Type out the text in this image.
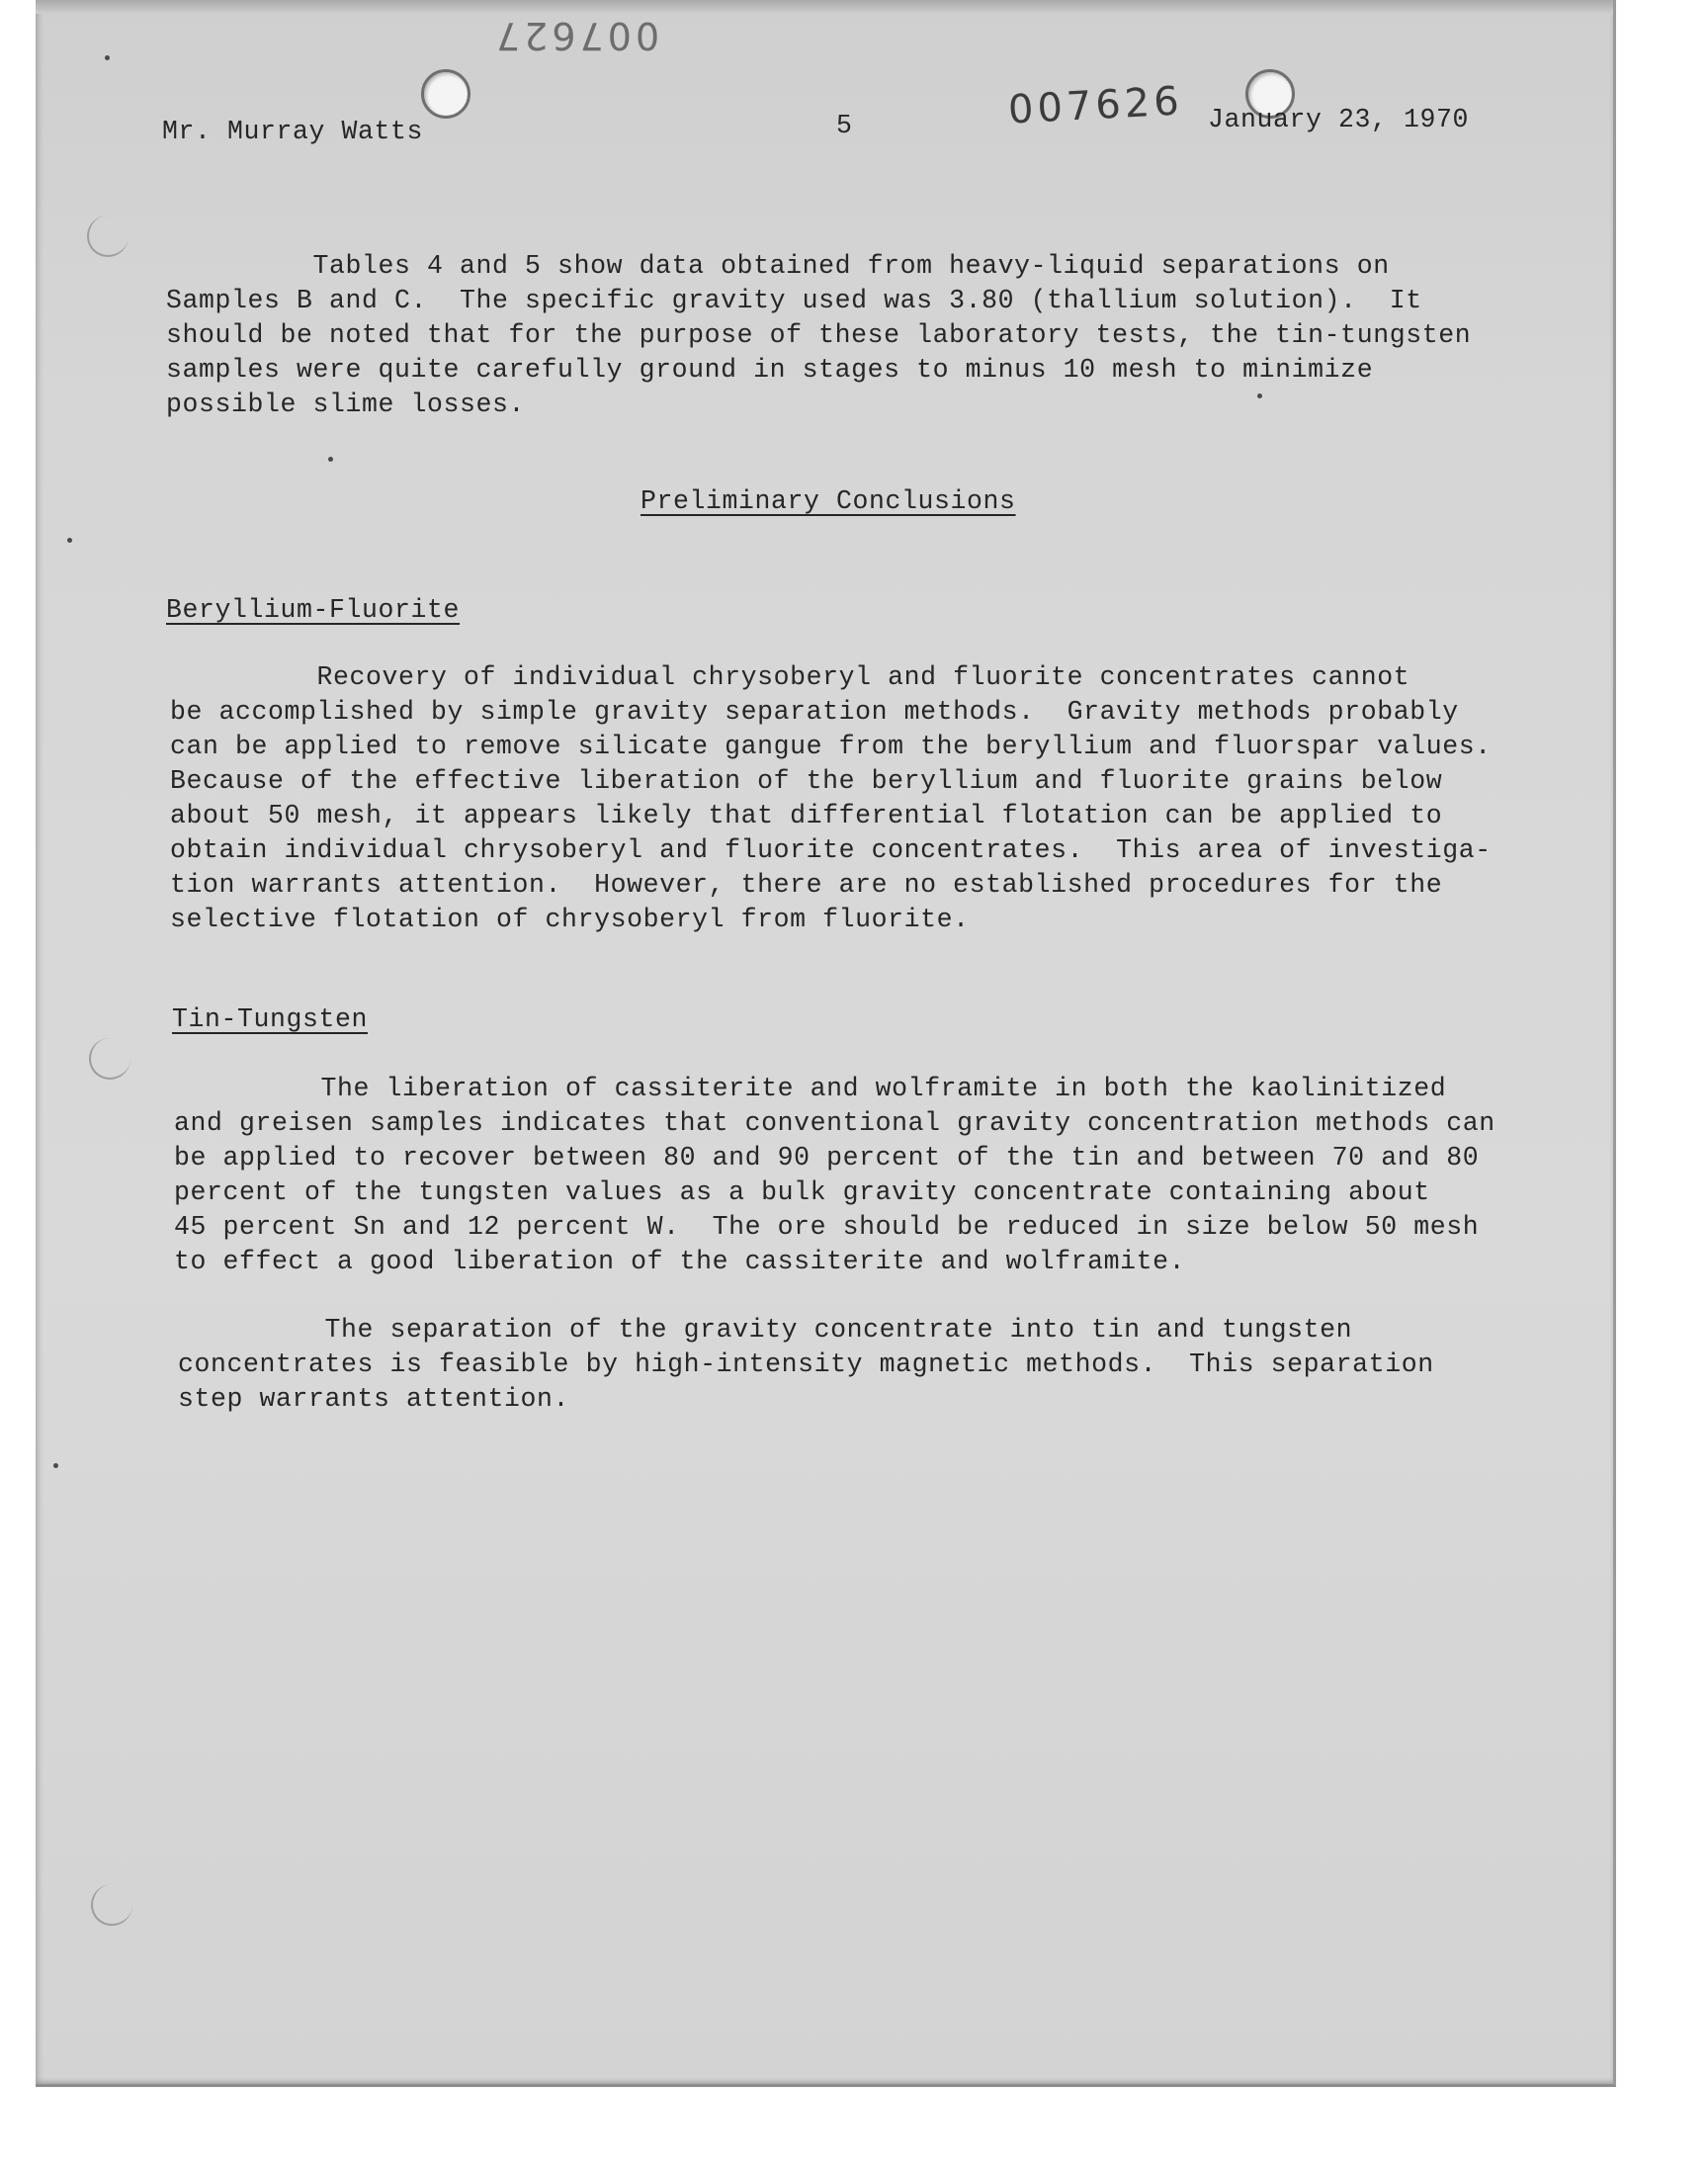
007627

Mr. Murray Watts	5	007626 January 23, 1970

Tables 4 and 5 show data obtained from heavy-liquid separations on

Samples B and C.  The specific gravity used was 3.80 (thallium solution).  It

should be noted that for the purpose of these laboratory tests, the tin-tungsten

samples were quite carefully ground in stages to minus 10 mesh to minimize

possible slime losses.

Preliminary Conclusions

Beryllium-Fluorite

Recovery of individual chrysoberyl and fluorite concentrates cannot

be accomplished by simple gravity separation methods.  Gravity methods probably

can be applied to remove silicate gangue from the beryllium and fluorspar values.

Because of the effective liberation of the beryllium and fluorite grains below

about 50 mesh, it appears likely that differential flotation can be applied to

obtain individual chrysoberyl and fluorite concentrates.  This area of investiga-

tion warrants attention.  However, there are no established procedures for the

selective flotation of chrysoberyl from fluorite.

Tin-Tungsten

The liberation of cassiterite and wolframite in both the kaolinitized

and greisen samples indicates that conventional gravity concentration methods can

be applied to recover between 80 and 90 percent of the tin and between 70 and 80

percent of the tungsten values as a bulk gravity concentrate containing about

45 percent Sn and 12 percent W.  The ore should be reduced in size below 50 mesh

to effect a good liberation of the cassiterite and wolframite.

The separation of the gravity concentrate into tin and tungsten

concentrates is feasible by high-intensity magnetic methods.  This separation

step warrants attention.
